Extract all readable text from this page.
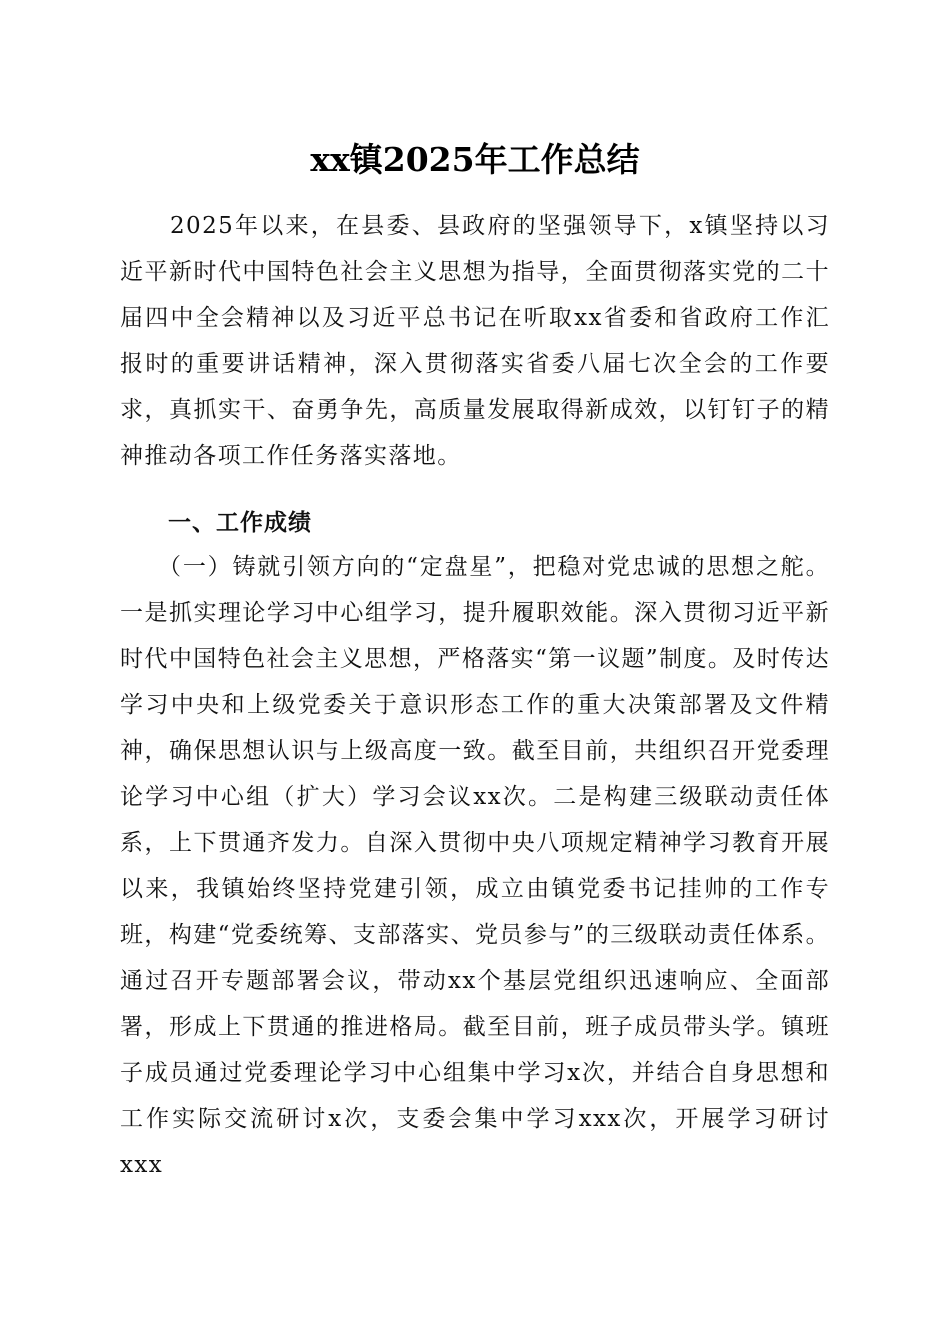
xx镇2025年工作总结
2025年以来，在县委、县政府的坚强领导下，x镇坚持以习近平新时代中国特色社会主义思想为指导，全面贯彻落实党的二十届四中全会精神以及习近平总书记在听取xx省委和省政府工作汇报时的重要讲话精神，深入贯彻落实省委八届七次全会的工作要求，真抓实干、奋勇争先，高质量发展取得新成效，以钉钉子的精神推动各项工作任务落实落地。
一、工作成绩
（一）铸就引领方向的“定盘星”，把稳对党忠诚的思想之舵。一是抓实理论学习中心组学习，提升履职效能。深入贯彻习近平新时代中国特色社会主义思想，严格落实“第一议题”制度。及时传达学习中央和上级党委关于意识形态工作的重大决策部署及文件精神，确保思想认识与上级高度一致。截至目前，共组织召开党委理论学习中心组（扩大）学习会议xx次。二是构建三级联动责任体系，上下贯通齐发力。自深入贯彻中央八项规定精神学习教育开展以来，我镇始终坚持党建引领，成立由镇党委书记挂帅的工作专班，构建“党委统筹、支部落实、党员参与”的三级联动责任体系。通过召开专题部署会议，带动xx个基层党组织迅速响应、全面部署，形成上下贯通的推进格局。截至目前，班子成员带头学。镇班子成员通过党委理论学习中心组集中学习x次，并结合自身思想和工作实际交流研讨x次，支委会集中学习xxx次，开展学习研讨xxx
